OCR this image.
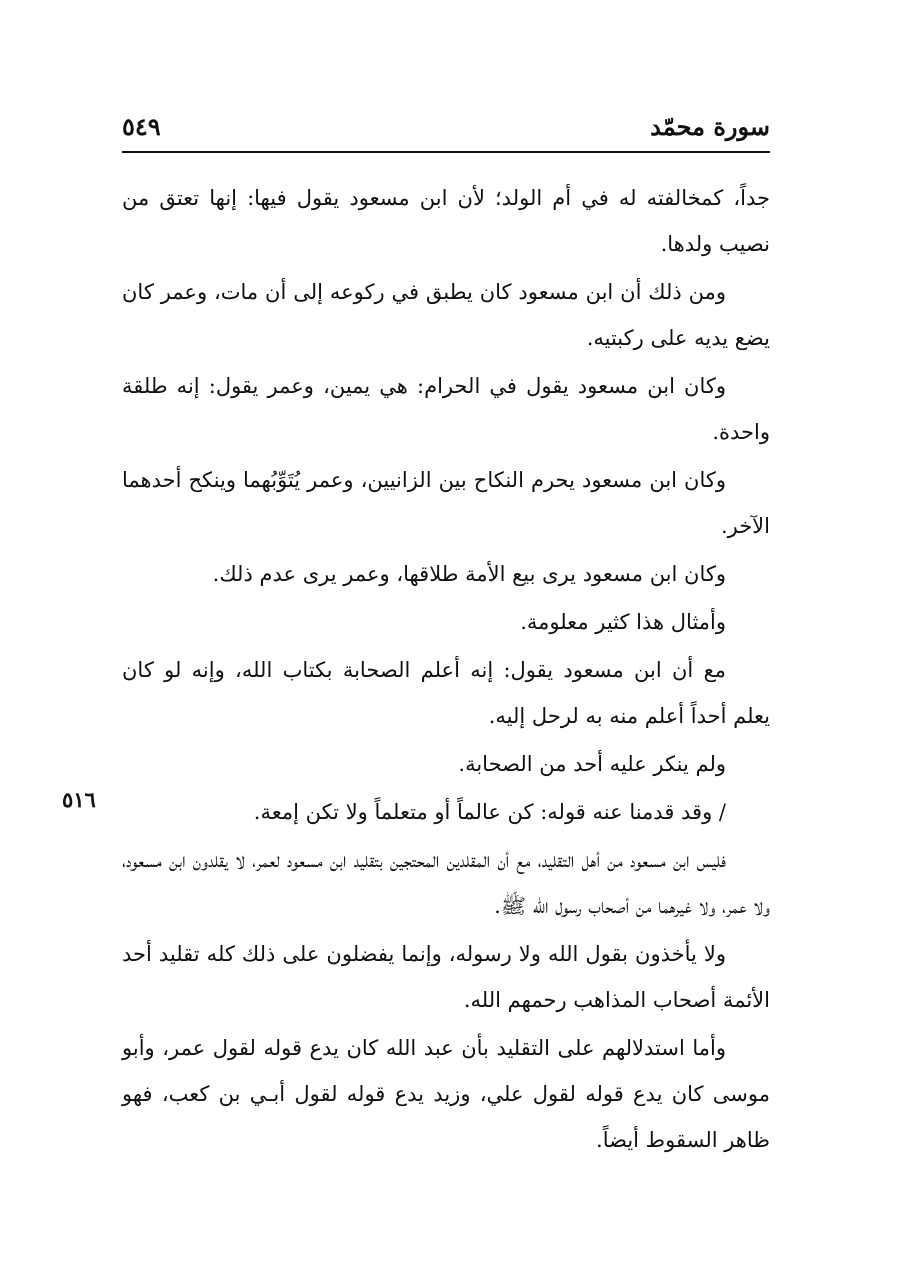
سورة محمّد
٥٤٩
٥١٦

جداً، كمخالفته له في أم الولد؛ لأن ابن مسعود يقول فيها: إنها تعتق من نصيب ولدها.

ومن ذلك أن ابن مسعود كان يطبق في ركوعه إلى أن مات، وعمر كان يضع يديه على ركبتيه.

وكان ابن مسعود يقول في الحرام: هي يمين، وعمر يقول: إنه طلقة واحدة.

وكان ابن مسعود يحرم النكاح بين الزانيين، وعمر يُتَوِّبُهما وينكح أحدهما الآخر.

وكان ابن مسعود يرى بيع الأمة طلاقها، وعمر يرى عدم ذلك.

وأمثال هذا كثير معلومة.

مع أن ابن مسعود يقول: إنه أعلم الصحابة بكتاب الله، وإنه لو كان يعلم أحداً أعلم منه به لرحل إليه.

ولم ينكر عليه أحد من الصحابة.

/ وقد قدمنا عنه قوله: كن عالماً أو متعلماً ولا تكن إمعة.

فليس ابن مسعود من أهل التقليد، مع أن المقلدين المحتجين بتقليد ابن مسعود لعمر، لا يقلدون ابن مسعود، ولا عمر، ولا غيرهما من أصحاب رسول الله ﷺ.

ولا يأخذون بقول الله ولا رسوله، وإنما يفضلون على ذلك كله تقليد أحد الأئمة أصحاب المذاهب رحمهم الله.

وأما استدلالهم على التقليد بأن عبد الله كان يدع قوله لقول عمر، وأبو موسى كان يدع قوله لقول علي، وزيد يدع قوله لقول أبـي بن كعب، فهو ظاهر السقوط أيضاً.
